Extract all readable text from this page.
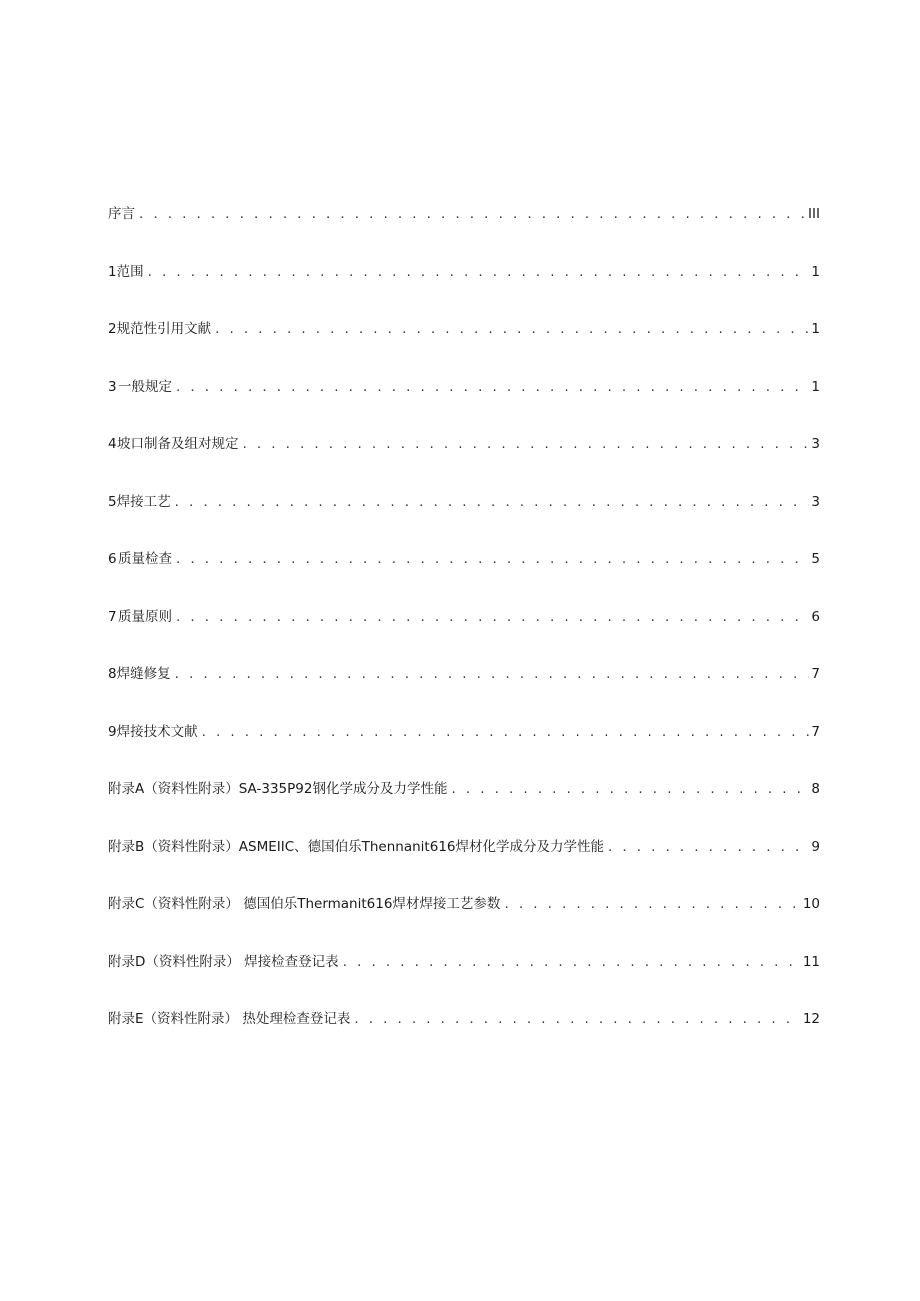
序言 . . .	III
1 范围 . . .	1
2 规范性引用文献 . . .	1
3 一般规定 . . .	1
4 坡口制备及组对规定 . . .	3
5 焊接工艺 . . .	3
6 质量检查 . . .	5
7 质量原则 . . .	6
8 焊缝修复 . . .	7
9 焊接技术文献 . . .	7
附录A（资料性附录）SA-335P92钢化学成分及力学性能 . . .	8
附录B（资料性附录）ASMEIIC、德国伯乐Thennanit616焊材化学成分及力学性能 . . .	9
附录C（资料性附录） 德国伯乐Thermanit616焊材焊接工艺参数 . . .	10
附录D（资料性附录） 焊接检查登记表 . . .	11
附录E（资料性附录） 热处理检查登记表 . . .	12
